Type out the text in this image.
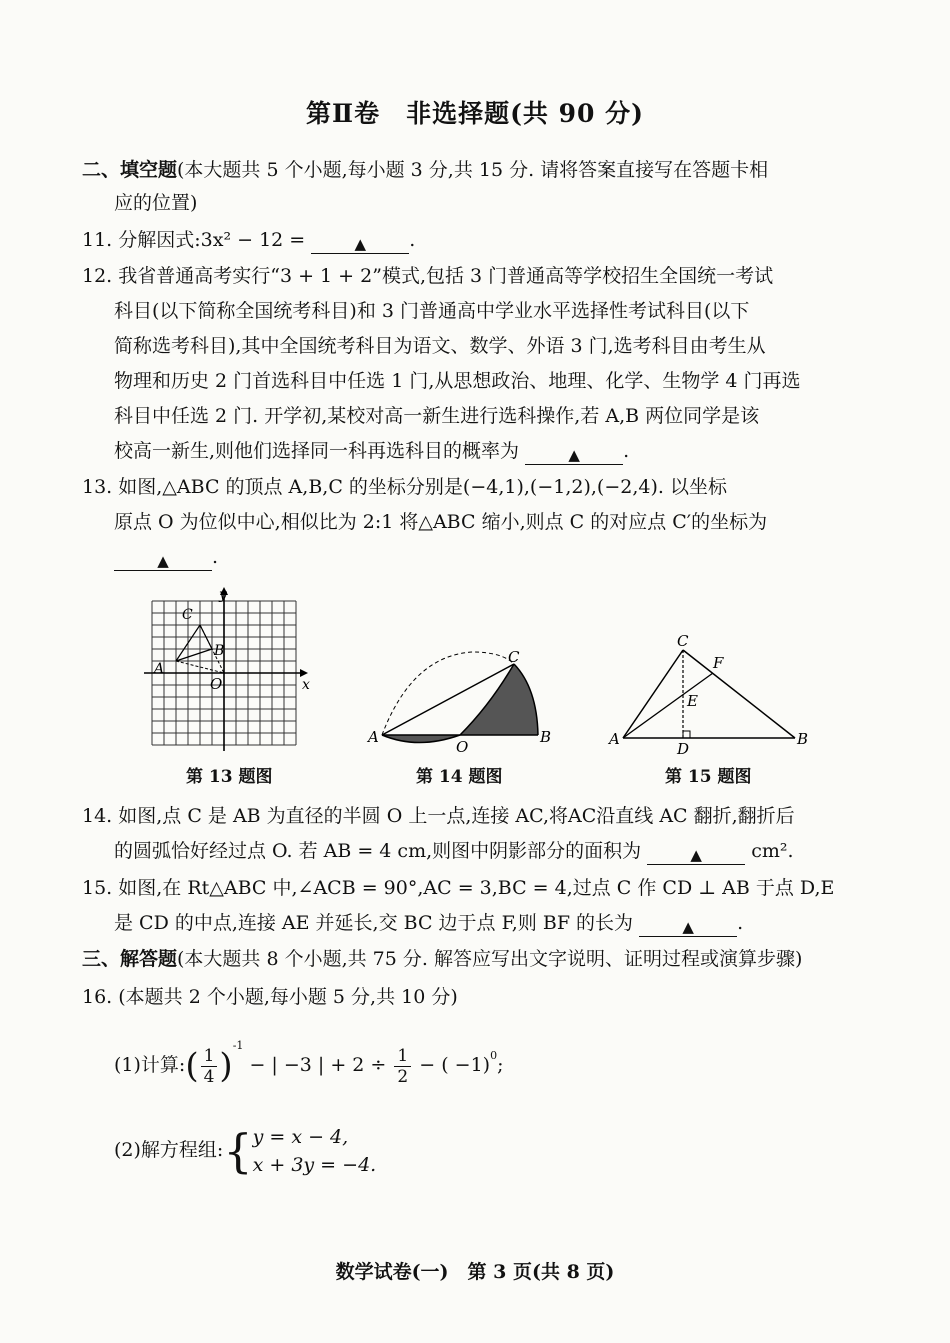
第Ⅱ卷　非选择题(共 90 分)
二、填空题(本大题共 5 个小题,每小题 3 分,共 15 分. 请将答案直接写在答题卡相
应的位置)
11. 分解因式:3x² − 12 =	▲ .
12. 我省普通高考实行“3 + 1 + 2”模式,包括 3 门普通高等学校招生全国统一考试
科目(以下简称全国统考科目)和 3 门普通高中学业水平选择性考试科目(以下
简称选考科目),其中全国统考科目为语文、数学、外语 3 门,选考科目由考生从
物理和历史 2 门首选科目中任选 1 门,从思想政治、地理、化学、生物学 4 门再选
科目中任选 2 门. 开学初,某校对高一新生进行选科操作,若 A,B 两位同学是该
校高一新生,则他们选择同一科再选科目的概率为	▲ .
13. 如图,△ABC 的顶点 A,B,C 的坐标分别是(−4,1),(−1,2),(−2,4). 以坐标
原点 O 为位似中心,相似比为 2:1 将△ABC 缩小,则点 C 的对应点 C′的坐标为
▲ .
y
x
C
B
A
O
A
O
B
C
A	B
C
D
E
F
第 13 题图	第 14 题图	第 15 题图
14. 如图,点 C 是 AB 为直径的半圆 O 上一点,连接 AC,将AC沿直线 AC 翻折,翻折后
的圆弧恰好经过点 O. 若 AB = 4 cm,则图中阴影部分的面积为	▲	cm².
15. 如图,在 Rt△ABC 中,∠ACB = 90°,AC = 3,BC = 4,过点 C 作 CD ⊥ AB 于点 D,E
是 CD 的中点,连接 AE 并延长,交 BC 边于点 F,则 BF 的长为	▲ .
三、解答题(本大题共 8 个小题,共 75 分. 解答应写出文字说明、证明过程或演算步骤)
16. (本题共 2 个小题,每小题 5 分,共 10 分)
(1)计算:( $\frac{1}{4} )^{-1}$ − | −3 | + $2 \div \frac{1}{2}$ − ( −1)$^0$;
(2)解方程组:{ y = x − 4,
x + 3y = −4.
数学试卷(一)　第 3 页(共 8 页)
